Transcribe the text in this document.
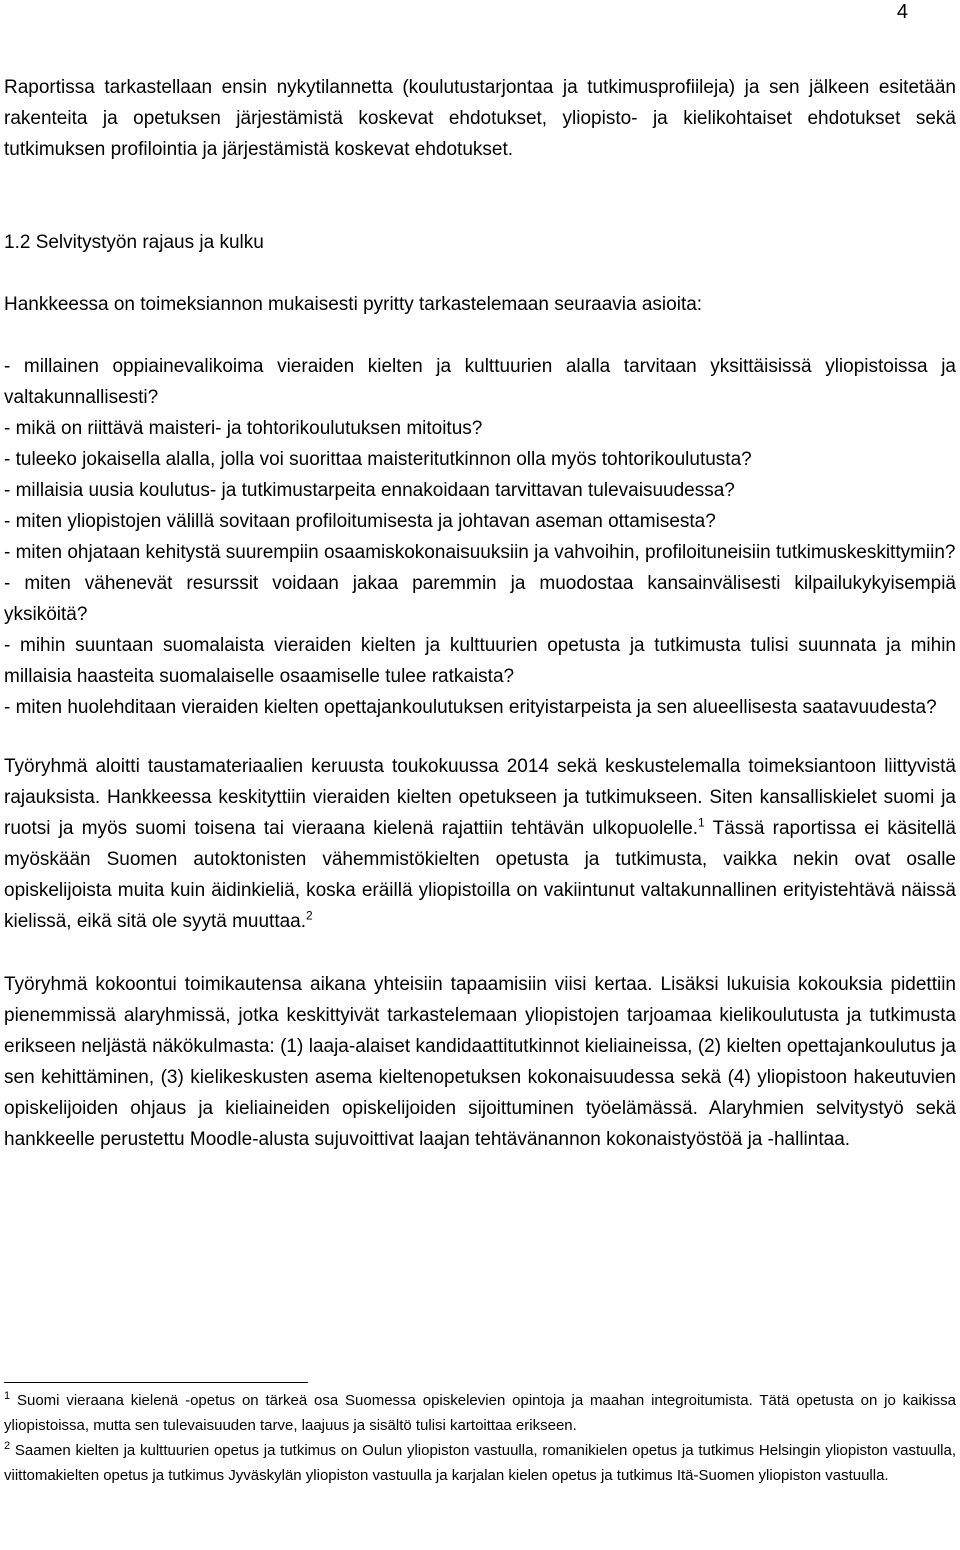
4

Raportissa tarkastellaan ensin nykytilannetta (koulutustarjontaa ja tutkimusprofiileja) ja sen jälkeen esitetään rakenteita ja opetuksen järjestämistä koskevat ehdotukset, yliopisto- ja kielikohtaiset ehdotukset sekä tutkimuksen profilointia ja järjestämistä koskevat ehdotukset.

1.2 Selvitystyön rajaus ja kulku

Hankkeessa on toimeksiannon mukaisesti pyritty tarkastelemaan seuraavia asioita:

- millainen oppiainevalikoima vieraiden kielten ja kulttuurien alalla tarvitaan yksittäisissä yliopistoissa ja valtakunnallisesti?
- mikä on riittävä maisteri- ja tohtorikoulutuksen mitoitus?
- tuleeko jokaisella alalla, jolla voi suorittaa maisteritutkinnon olla myös tohtorikoulutusta?
- millaisia uusia koulutus- ja tutkimustarpeita ennakoidaan tarvittavan tulevaisuudessa?
- miten yliopistojen välillä sovitaan profiloitumisesta ja johtavan aseman ottamisesta?
- miten ohjataan kehitystä suurempiin osaamiskokonaisuuksiin ja vahvoihin, profiloituneisiin tutkimuskeskittymiin?
- miten vähenevät resurssit voidaan jakaa paremmin ja muodostaa kansainvälisesti kilpailukykyisempiä yksiköitä?
- mihin suuntaan suomalaista vieraiden kielten ja kulttuurien opetusta ja tutkimusta tulisi suunnata ja mihin millaisia haasteita suomalaiselle osaamiselle tulee ratkaista?
- miten huolehditaan vieraiden kielten opettajankoulutuksen erityistarpeista ja sen alueellisesta saatavuudesta?

Työryhmä aloitti taustamateriaalien keruusta toukokuussa 2014 sekä keskustelemalla toimeksiantoon liittyvistä rajauksista. Hankkeessa keskityttiin vieraiden kielten opetukseen ja tutkimukseen. Siten kansalliskielet suomi ja ruotsi ja myös suomi toisena tai vieraana kielenä rajattiin tehtävän ulkopuolelle.$^1$ Tässä raportissa ei käsitellä myöskään Suomen autoktonisten vähemmistökielten opetusta ja tutkimusta, vaikka nekin ovat osalle opiskelijoista muita kuin äidinkieliä, koska eräillä yliopistoilla on vakiintunut valtakunnallinen erityistehtävä näissä kielissä, eikä sitä ole syytä muuttaa.$^2$

Työryhmä kokoontui toimikautensa aikana yhteisiin tapaamisiin viisi kertaa. Lisäksi lukuisia kokouksia pidettiin pienemmissä alaryhmissä, jotka keskittyivät tarkastelemaan yliopistojen tarjoamaa kielikoulutusta ja tutkimusta erikseen neljästä näkökulmasta: (1) laaja-alaiset kandidaattitutkinnot kieliaineissa, (2) kielten opettajankoulutus ja sen kehittäminen, (3) kielikeskusten asema kieltenopetuksen kokonaisuudessa sekä (4) yliopistoon hakeutuvien opiskelijoiden ohjaus ja kieliaineiden opiskelijoiden sijoittuminen työelämässä. Alaryhmien selvitystyö sekä hankkeelle perustettu Moodle-alusta sujuvoittivat laajan tehtävänannon kokonaistyöstöä ja -hallintaa.

$^1$ Suomi vieraana kielenä -opetus on tärkeä osa Suomessa opiskelevien opintoja ja maahan integroitumista. Tätä opetusta on jo kaikissa yliopistoissa, mutta sen tulevaisuuden tarve, laajuus ja sisältö tulisi kartoittaa erikseen.

$^2$ Saamen kielten ja kulttuurien opetus ja tutkimus on Oulun yliopiston vastuulla, romanikielen opetus ja tutkimus Helsingin yliopiston vastuulla, viittomakielten opetus ja tutkimus Jyväskylän yliopiston vastuulla ja karjalan kielen opetus ja tutkimus Itä-Suomen yliopiston vastuulla.
